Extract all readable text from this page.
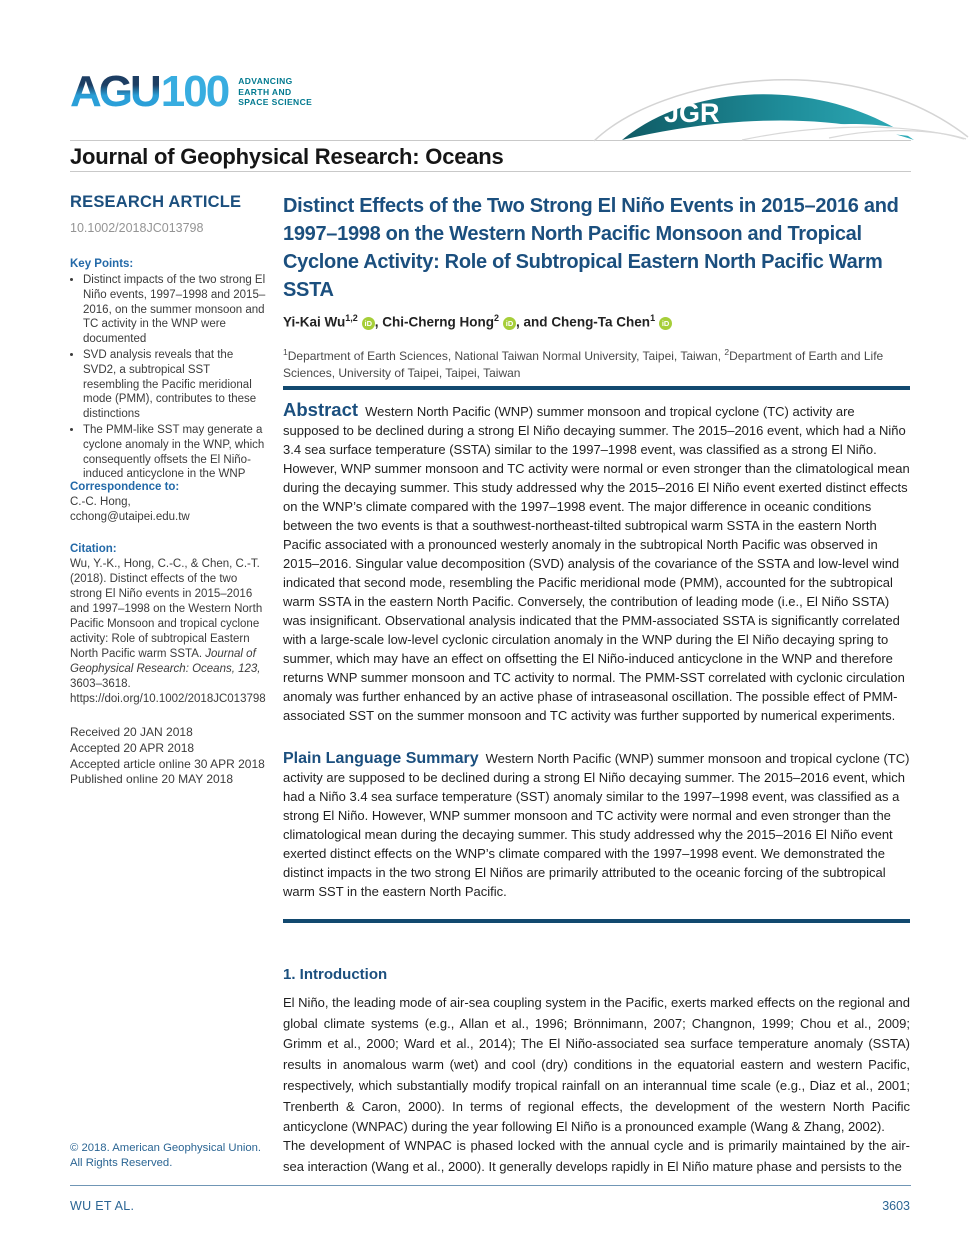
AGU 100 ADVANCING
EARTH AND
SPACE SCIENCE	JGR
Journal of Geophysical Research: Oceans
RESEARCH ARTICLE
10.1002/2018JC013798
Key Points:
• Distinct impacts of the two strong El Niño events, 1997–1998 and 2015–2016, on the summer monsoon and TC activity in the WNP were documented
• SVD analysis reveals that the SVD2, a subtropical SST resembling the Pacific meridional mode (PMM), contributes to these distinctions
• The PMM-like SST may generate a cyclone anomaly in the WNP, which consequently offsets the El Niño-induced anticyclone in the WNP
Correspondence to:
C.-C. Hong,
cchong@utaipei.edu.tw
Citation:

Wu, Y.-K., Hong, C.-C., & Chen, C.-T. (2018). Distinct effects of the two strong El Niño events in 2015–2016 and 1997–1998 on the Western North Pacific Monsoon and tropical cyclone activity: Role of subtropical Eastern North Pacific warm SSTA. Journal of Geophysical Research: Oceans, 123, 3603–3618. https://doi.org/10.1002/2018JC013798

Received 20 JAN 2018
Accepted 20 APR 2018
Accepted article online 30 APR 2018
Published online 20 MAY 2018
© 2018. American Geophysical Union.
All Rights Reserved.
Distinct Effects of the Two Strong El Niño Events in 2015–2016 and 1997–1998 on the Western North Pacific Monsoon and Tropical Cyclone Activity: Role of Subtropical Eastern North Pacific Warm SSTA
Yi-Kai Wu$^{1,2}$ iD , Chi-Cherng Hong$^2$ iD , and Cheng-Ta Chen$^1$ iD
$^1$Department of Earth Sciences, National Taiwan Normal University, Taipei, Taiwan, $^2$Department of Earth and Life Sciences, University of Taipei, Taipei, Taiwan

Abstract Western North Pacific (WNP) summer monsoon and tropical cyclone (TC) activity are supposed to be declined during a strong El Niño decaying summer. The 2015–2016 event, which had a Niño 3.4 sea surface temperature (SSTA) similar to the 1997–1998 event, was classified as a strong El Niño. However, WNP summer monsoon and TC activity were normal or even stronger than the climatological mean during the decaying summer. This study addressed why the 2015–2016 El Niño event exerted distinct effects on the WNP’s climate compared with the 1997–1998 event. The major difference in oceanic conditions between the two events is that a southwest-northeast-tilted subtropical warm SSTA in the eastern North Pacific associated with a pronounced westerly anomaly in the subtropical North Pacific was observed in 2015–2016. Singular value decomposition (SVD) analysis of the covariance of the SSTA and low-level wind indicated that second mode, resembling the Pacific meridional mode (PMM), accounted for the subtropical warm SSTA in the eastern North Pacific. Conversely, the contribution of leading mode (i.e., El Niño SSTA) was insignificant. Observational analysis indicated that the PMM-associated SSTA is significantly correlated with a large-scale low-level cyclonic circulation anomaly in the WNP during the El Niño decaying spring to summer, which may have an effect on offsetting the El Niño-induced anticyclone in the WNP and therefore returns WNP summer monsoon and TC activity to normal. The PMM-SST correlated with cyclonic circulation anomaly was further enhanced by an active phase of intraseasonal oscillation. The possible effect of PMM-associated SST on the summer monsoon and TC activity was further supported by numerical experiments.

Plain Language Summary Western North Pacific (WNP) summer monsoon and tropical cyclone (TC) activity are supposed to be declined during a strong El Niño decaying summer. The 2015–2016 event, which had a Niño 3.4 sea surface temperature (SST) anomaly similar to the 1997–1998 event, was classified as a strong El Niño. However, WNP summer monsoon and TC activity were normal and even stronger than the climatological mean during the decaying summer. This study addressed why the 2015–2016 El Niño event exerted distinct effects on the WNP’s climate compared with the 1997–1998 event. We demonstrated the distinct impacts in the two strong El Niños are primarily attributed to the oceanic forcing of the subtropical warm SST in the eastern North Pacific.

1. Introduction

El Niño, the leading mode of air-sea coupling system in the Pacific, exerts marked effects on the regional and global climate systems (e.g., Allan et al., 1996; Brönnimann, 2007; Changnon, 1999; Chou et al., 2009; Grimm et al., 2000; Ward et al., 2014); The El Niño-associated sea surface temperature anomaly (SSTA) results in anomalous warm (wet) and cool (dry) conditions in the equatorial eastern and western Pacific, respectively, which substantially modify tropical rainfall on an interannual time scale (e.g., Diaz et al., 2001; Trenberth & Caron, 2000). In terms of regional effects, the development of the western North Pacific anticyclone (WNPAC) during the year following El Niño is a pronounced example (Wang & Zhang, 2002).

The development of WNPAC is phased locked with the annual cycle and is primarily maintained by the air-sea interaction (Wang et al., 2000). It generally develops rapidly in El Niño mature phase and persists to the

WU ET AL.	3603
